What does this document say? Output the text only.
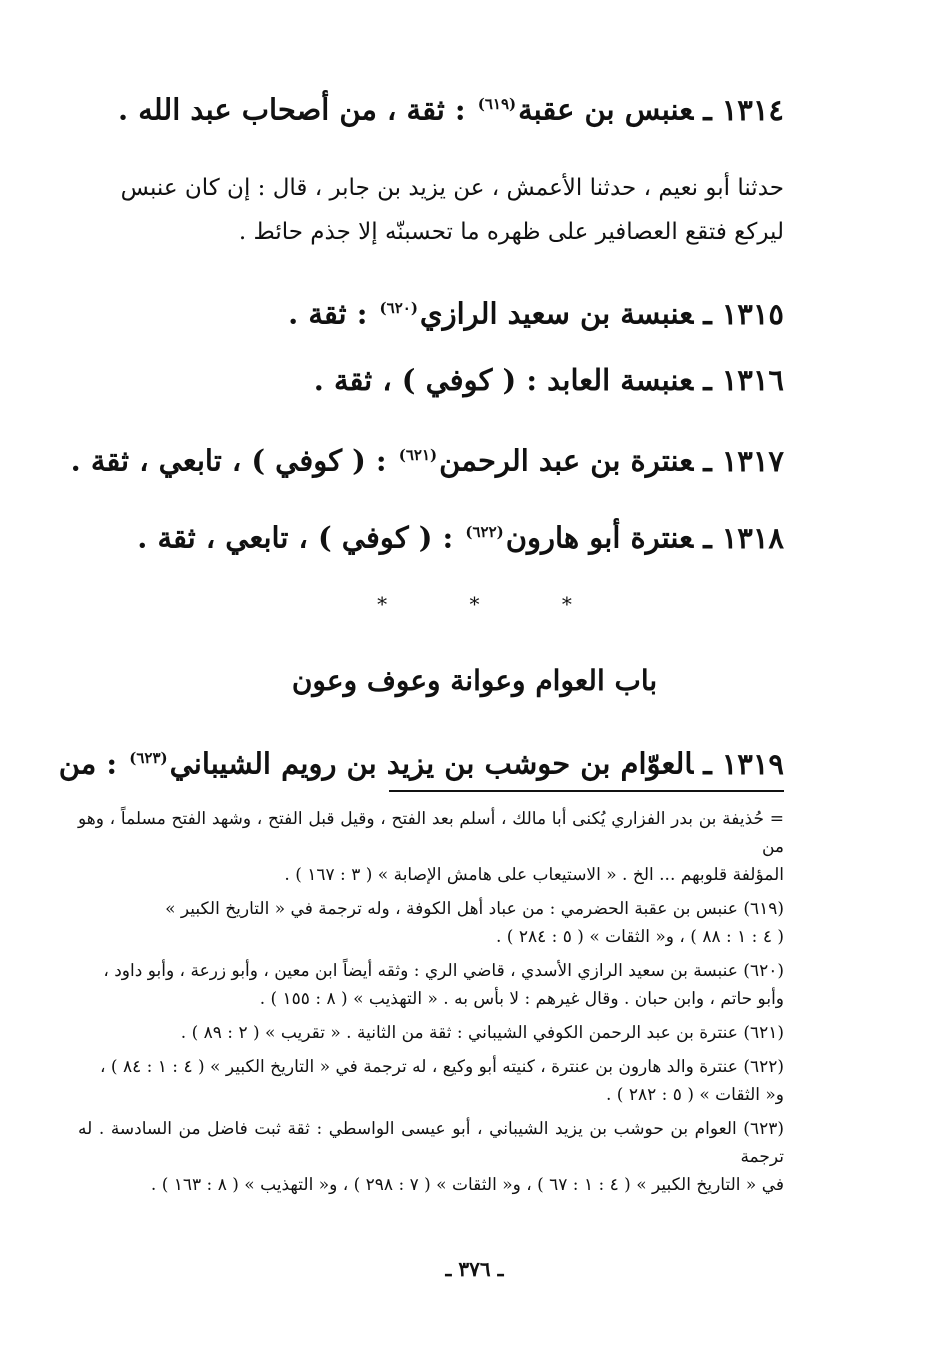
١٣١٤ـعنبس بن عقبة$^{(٦١٩)}$ : ثقة ، من أصحاب عبد الله .
حدثنا أبو نعيم ، حدثنا الأعمش ، عن يزيد بن جابر ، قال : إن كان عنبس
ليركع فتقع العصافير على ظهره ما تحسبنّه إلا جذم حائط .
١٣١٥ـعنبسة بن سعيد الرازي$^{(٦٢٠)}$ : ثقة .
١٣١٦ـعنبسة العابد : ( كوفي ) ، ثقة .
١٣١٧ـعنترة بن عبد الرحمن$^{(٦٢١)}$ : ( كوفي ) ، تابعي ، ثقة .
١٣١٨ـعنترة أبو هارون$^{(٦٢٢)}$ : ( كوفي ) ، تابعي ، ثقة .
* * *
باب العوام وعوانة وعوف وعون
١٣١٩ـالعوّام بن حوشب بن يزيد بن رويم الشيباني$^{(٦٢٣)}$ : من
= حُذيفة بن بدر الفزاري يُكنى أبا مالك ، أسلم بعد الفتح ، وقيل قبل الفتح ، وشهد الفتح مسلماً ، وهو من
المؤلفة قلوبهم ... الخ . « الاستيعاب على هامش الإصابة » ( ٣ : ١٦٧ ) .
(٦١٩) عنبس بن عقبة الحضرمي : من عباد أهل الكوفة ، وله ترجمة في « التاريخ الكبير »
( ٤ : ١ : ٨٨ ) ، و« الثقات » ( ٥ : ٢٨٤ ) .
(٦٢٠) عنبسة بن سعيد الرازي الأسدي ، قاضي الري : وثقه أيضاً ابن معين ، وأبو زرعة ، وأبو داود ،
وأبو حاتم ، وابن حبان . وقال غيرهم : لا بأس به . « التهذيب » ( ٨ : ١٥٥ ) .
(٦٢١) عنترة بن عبد الرحمن الكوفي الشيباني : ثقة من الثانية . « تقريب » ( ٢ : ٨٩ ) .
(٦٢٢) عنترة والد هارون بن عنترة ، كنيته أبو وكيع ، له ترجمة في « التاريخ الكبير » ( ٤ : ١ : ٨٤ ) ،
و« الثقات » ( ٥ : ٢٨٢ ) .
(٦٢٣) العوام بن حوشب بن يزيد الشيباني ، أبو عيسى الواسطي : ثقة ثبت فاضل من السادسة . له ترجمة
في « التاريخ الكبير » ( ٤ : ١ : ٦٧ ) ، و« الثقات » ( ٧ : ٢٩٨ ) ، و« التهذيب » ( ٨ : ١٦٣ ) .
ـ ٣٧٦ ـ
